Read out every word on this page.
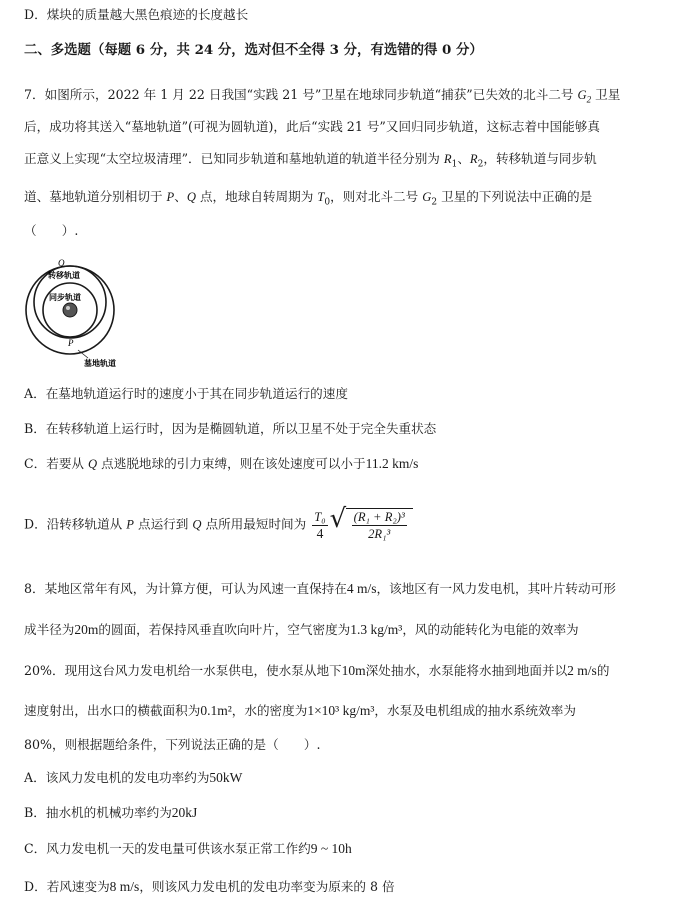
D．煤块的质量越大黑色痕迹的长度越长
二、多选题（每题 6 分，共 24 分，选对但不全得 3 分，有选错的得 0 分）
7．如图所示，2022 年 1 月 22 日我国“实践 21 号”卫星在地球同步轨道“捕获”已失效的北斗二号 $G_2$ 卫星
后，成功将其送入“墓地轨道”(可视为圆轨道)，此后“实践 21 号”又回归同步轨道，这标志着中国能够真
正意义上实现“太空垃圾清理”．已知同步轨道和墓地轨道的轨道半径分别为 $R_1$、$R_2$，转移轨道与同步轨
道、墓地轨道分别相切于 P、Q 点，地球自转周期为 $T_0$，则对北斗二号 $G_2$ 卫星的下列说法中正确的是
（　　）.
Q
转移轨道
同步轨道
P
墓地轨道
A．在墓地轨道运行时的速度小于其在同步轨道运行的速度
B．在转移轨道上运行时，因为是椭圆轨道，所以卫星不处于完全失重状态
C．若要从 Q 点逃脱地球的引力束缚，则在该处速度可以小于11.2 km/s
D．沿转移轨道从 P 点运行到 Q 点所用最短时间为 $\frac{\text{T₀}}{4}$ √ $\frac{\text{(R₁ + R₂)³}}{\text{2R₁³}}$
8．某地区常年有风，为计算方便，可认为风速一直保持在4 m/s，该地区有一风力发电机，其叶片转动可形
成半径为20m的圆面，若保持风垂直吹向叶片，空气密度为1.3 kg/m³，风的动能转化为电能的效率为
20%．现用这台风力发电机给一水泵供电，使水泵从地下10m深处抽水，水泵能将水抽到地面并以2 m/s的
速度射出，出水口的横截面积为0.1m²，水的密度为1×10³ kg/m³，水泵及电机组成的抽水系统效率为
80%，则根据题给条件，下列说法正确的是（　　）.
A．该风力发电机的发电功率约为50kW
B．抽水机的机械功率约为20kJ
C．风力发电机一天的发电量可供该水泵正常工作约9 ~ 10h
D．若风速变为8 m/s，则该风力发电机的发电功率变为原来的 8 倍
